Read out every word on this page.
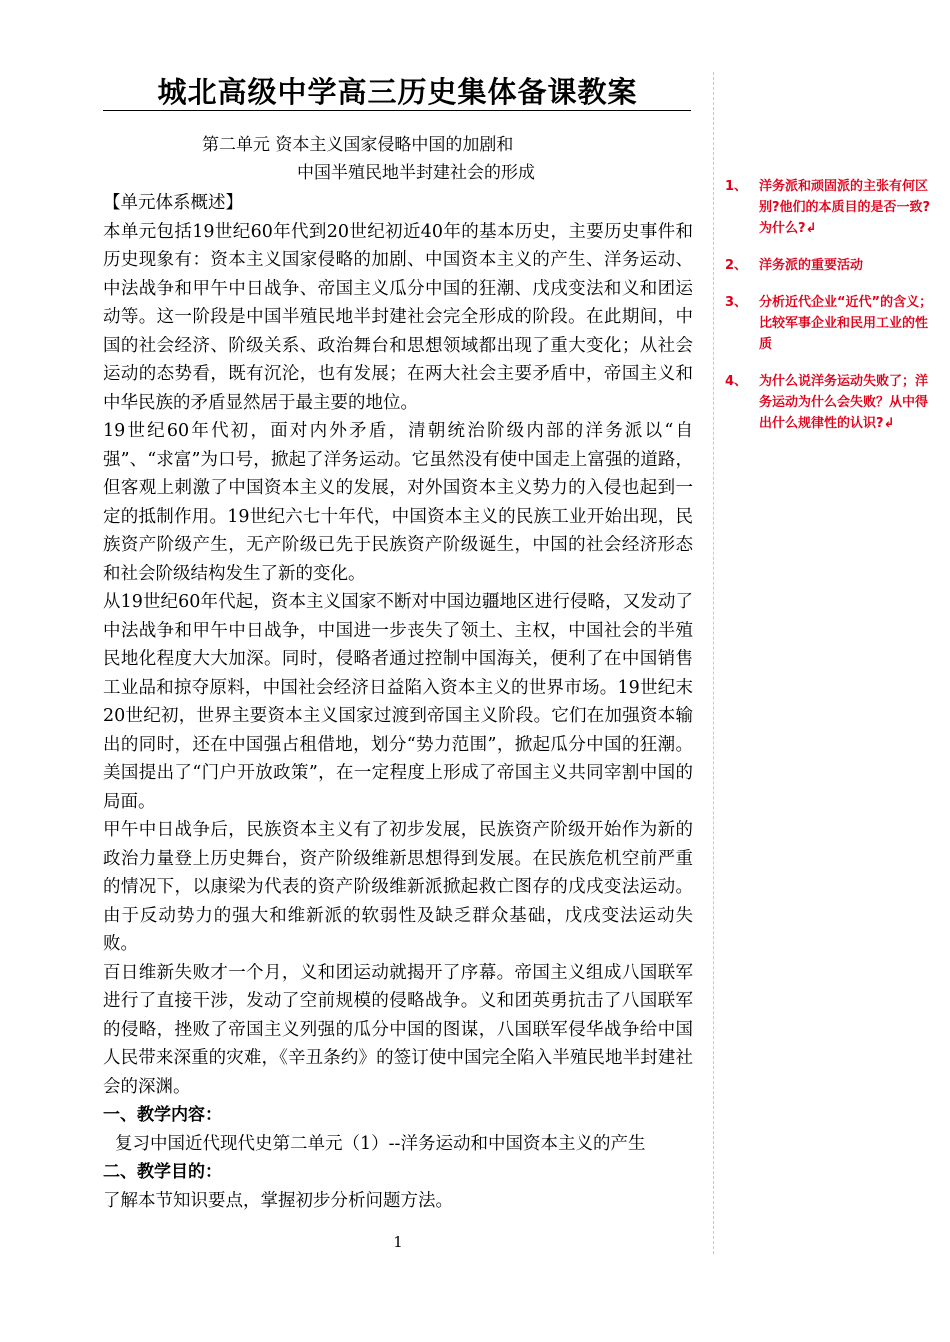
城北高级中学高三历史集体备课教案
第二单元 资本主义国家侵略中国的加剧和
中国半殖民地半封建社会的形成

【单元体系概述】

本单元包括19世纪60年代到20世纪初近40年的基本历史，主要历史事件和历史现象有：资本主义国家侵略的加剧、中国资本主义的产生、洋务运动、中法战争和甲午中日战争、帝国主义瓜分中国的狂潮、戊戌变法和义和团运动等。这一阶段是中国半殖民地半封建社会完全形成的阶段。在此期间，中国的社会经济、阶级关系、政治舞台和思想领域都出现了重大变化；从社会运动的态势看，既有沉沦，也有发展；在两大社会主要矛盾中，帝国主义和中华民族的矛盾显然居于最主要的地位。

19世纪60年代初，面对内外矛盾，清朝统治阶级内部的洋务派以“自强”、“求富”为口号，掀起了洋务运动。它虽然没有使中国走上富强的道路，但客观上刺激了中国资本主义的发展，对外国资本主义势力的入侵也起到一定的抵制作用。19世纪六七十年代，中国资本主义的民族工业开始出现，民族资产阶级产生，无产阶级已先于民族资产阶级诞生，中国的社会经济形态和社会阶级结构发生了新的变化。

从19世纪60年代起，资本主义国家不断对中国边疆地区进行侵略，又发动了中法战争和甲午中日战争，中国进一步丧失了领土、主权，中国社会的半殖民地化程度大大加深。同时，侵略者通过控制中国海关，便利了在中国销售工业品和掠夺原料，中国社会经济日益陷入资本主义的世界市场。19世纪末20世纪初，世界主要资本主义国家过渡到帝国主义阶段。它们在加强资本输出的同时，还在中国强占租借地，划分“势力范围”，掀起瓜分中国的狂潮。美国提出了“门户开放政策”，在一定程度上形成了帝国主义共同宰割中国的局面。

甲午中日战争后，民族资本主义有了初步发展，民族资产阶级开始作为新的政治力量登上历史舞台，资产阶级维新思想得到发展。在民族危机空前严重的情况下，以康梁为代表的资产阶级维新派掀起救亡图存的戊戌变法运动。由于反动势力的强大和维新派的软弱性及缺乏群众基础，戊戌变法运动失败。

百日维新失败才一个月，义和团运动就揭开了序幕。帝国主义组成八国联军进行了直接干涉，发动了空前规模的侵略战争。义和团英勇抗击了八国联军的侵略，挫败了帝国主义列强的瓜分中国的图谋，八国联军侵华战争给中国人民带来深重的灾难，《辛丑条约》的签订使中国完全陷入半殖民地半封建社会的深渊。

一、教学内容：

复习中国近代现代史第二单元（1）--洋务运动和中国资本主义的产生

二、教学目的：

了解本节知识要点，掌握初步分析问题方法。

1、 洋务派和顽固派的主张有何区别?他们的本质目的是否一致?为什么?↲
2、 洋务派的重要活动
3、 分析近代企业“近代”的含义；比较军事企业和民用工业的性质
4、 为什么说洋务运动失败了；洋务运动为什么会失败？从中得出什么规律性的认识?↲
1
